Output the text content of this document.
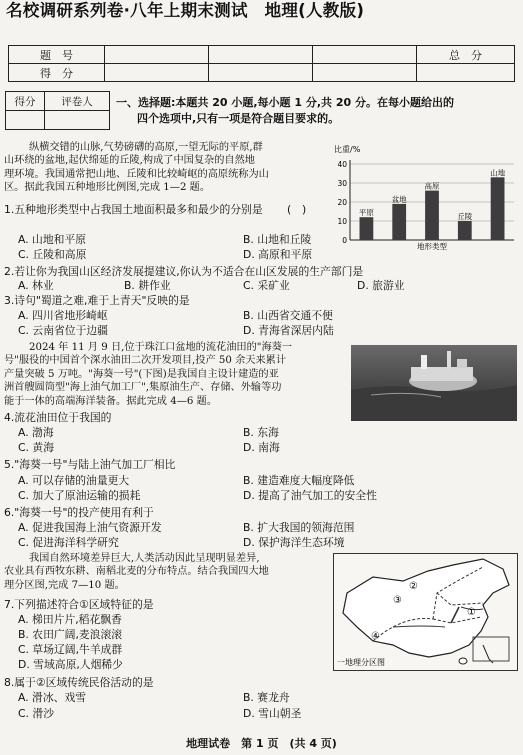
名校调研系列卷·八年上期末测试　地理(人教版)
题　号				总　分
得　分				
得分	评卷人
	一、选择题:本题共 20 小题,每小题 1 分,共 20 分。在每小题给出的
四个选项中,只有一项是符合题目要求的。
纵横交错的山脉,气势磅礴的高原,一望无际的平原,群
山环绕的盆地,起伏绵延的丘陵,构成了中国复杂的自然地
理环境。我国通常把山地、丘陵和比较崎岖的高原统称为山
区。据此我国五种地形比例图,完成 1—2 题。
比重/%
0
10
20
30
40
平原
盆地
高原
丘陵
山地
地形类型
1.五种地形类型中占我国土地面积最多和最少的分别是 (　)
A. 山地和平原	B. 山地和丘陵
C. 丘陵和高原	D. 高原和平原
2.若让你为我国山区经济发展提建议,你认为不适合在山区发展的生产部门是
A. 林业	B. 耕作业	C. 采矿业	D. 旅游业
3.诗句"蜀道之难,难于上青天"反映的是
A. 四川省地形崎岖	B. 山西省交通不便
C. 云南省位于边疆	D. 青海省深居内陆
2024 年 11 月 9 日,位于珠江口盆地的流花油田的"海葵一
号"服役的中国首个深水油田二次开发项目,投产 50 余天来累计
产量突破 5 万吨。"海葵一号"(下图)是我国自主设计建造的亚
洲首艘圆筒型"海上油气加工厂",集原油生产、存储、外输等功
能于一体的高端海洋装备。据此完成 4—6 题。
4.流花油田位于我国的
A. 渤海	B. 东海
C. 黄海	D. 南海
5."海葵一号"与陆上油气加工厂相比
A. 可以存储的油量更大	B. 建造难度大幅度降低
C. 加大了原油运输的损耗	D. 提高了油气加工的安全性
6."海葵一号"的投产使用有利于
A. 促进我国海上油气资源开发	B. 扩大我国的领海范围
C. 促进海洋科学研究	D. 保护海洋生态环境
我国自然环境差异巨大,人类活动因此呈现明显差异,
农业具有西牧东耕、南稻北麦的分布特点。结合我国四大地
理分区图,完成 7—10 题。
③
②
①
④
一地理分区图
7.下列描述符合①区域特征的是
A. 梯田片片,稻花飘香
B. 农田广阔,麦浪滚滚
C. 草场辽阔,牛羊成群
D. 雪域高原,人烟稀少
8.属于②区域传统民俗活动的是
A. 滑冰、戏雪	B. 赛龙舟
C. 滑沙	D. 雪山朝圣
地理试卷　第 1 页　(共 4 页)
